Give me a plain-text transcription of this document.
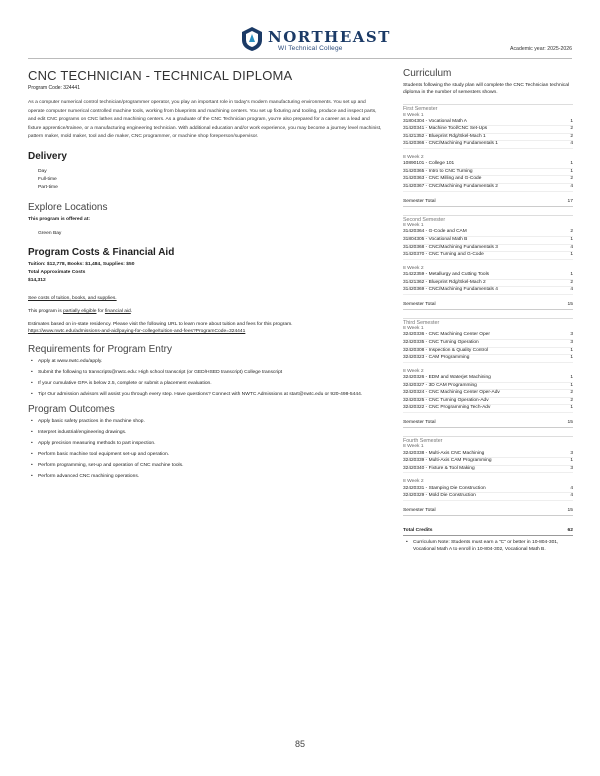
NORTHEAST
WI Technical College	Academic year: 2025-2026
CNC TECHNICIAN - TECHNICAL DIPLOMA
Program Code: 324441

As a computer numerical control technician/programmer operator, you play an important role in today's modern manufacturing environments. You set up and operate computer numerical controlled machine tools, working from blueprints and machining centers. You set up fixturing and tooling, produce and inspect parts, and edit CNC programs on CNC lathes and machining centers. As a graduate of the CNC Technician program, you're also prepared for a career as a lead and fixture apprentice/trainee, or a manufacturing engineering technician. With additional education and/or work experience, you may become a journey level machinist, pattern maker, mold maker, tool and die maker, CNC programmer, or machine shop foreperson/supervisor.

Delivery
Day
Full-time
Part-time
Explore Locations
This program is offered at:
Green Bay
Program Costs & Financial Aid
Tuition: $12,778, Books: $1,484, Supplies: $50
Total Approximate Costs
$14,312
See costs of tuition, books, and supplies.
This program is partially eligible for financial aid.
Estimates based on in-state residency. Please visit the following URL to learn more about tuition and fees for this program.
https://www.nwtc.edu/admissions-and-aid/paying-for-college/tuition-and-fees?ProgramCode=324441
Requirements for Program Entry
• Apply at www.nwtc.edu/apply.
• Submit the following to transcripts@nwtc.edu: High school transcript (or GED/HSED transcript) College transcript
• If your cumulative GPA is below 2.5, complete or submit a placement evaluation.
• Tip! Our admission advisors will assist you through every step. Have questions? Connect with NWTC Admissions at start@nwtc.edu or 920-498-5444.
Program Outcomes
• Apply basic safety practices in the machine shop.
• Interpret industrial/engineering drawings.
• Apply precision measuring methods to part inspection.
• Perform basic machine tool equipment set-up and operation.
• Perform programming, set-up and operation of CNC machine tools.
• Perform advanced CNC machining operations.
Curriculum
Students following the study plan will complete the CNC Technician technical diploma in the number of semesters shown.
First Semester
8 Week 1
31804304 - Vocational Math A	1
31420341 - Machine Tool/CNC Set-Ups	2
31421352 - Blueprint Rdg/Skel-Mach 1	2
31420366 - CNC/Machining Fundamentals 1	4
8 Week 2
10890101 - College 101	1
31420365 - Intro to CNC Turning	1
31420363 - CNC Milling and G-Code	2
31420367 - CNC/Machining Fundamentals 2	4
Semester Total	17
Second Semester
8 Week 1
31420364 - G-Code and CAM	2
31804305 - Vocational Math B	1
31420368 - CNC/Machining Fundamentals 3	4
31420370 - CNC Turning and G-Code	1
8 Week 2
31422359 - Metallurgy and Cutting Tools	1
31421362 - Blueprint Rdg/Skel-Mach 2	2
31420369 - CNC/Machining Fundamentals 4	4
Semester Total	15
Third Semester
8 Week 1
32420336 - CNC Machining Center Oper	3
32420335 - CNC Turning Operation	3
32420308 - Inspection & Quality Control	1
32420323 - CAM Programming	1
8 Week 2
32420326 - EDM and Waterjet Machining	1
32420327 - 3D CAM Programming	1
32420324 - CNC Machining Center Oper-Adv	2
32420325 - CNC Turning Operation-Adv	2
32420322 - CNC Programming Tech-Adv	1
Semester Total	15
Fourth Semester
8 Week 1
32420338 - Multi-Axis CNC Machining	3
32420339 - Multi-Axis CAM Programming	1
32420340 - Fixture & Tool Making	3
8 Week 2
32420331 - Stamping Die Construction	4
32420329 - Mold Die Construction	4
Semester Total	15
Total Credits	62
• Curriculum Note: Students must earn a "C" or better in 10-804-301, Vocational Math A to enroll in 10-804-302, Vocational Math B.
85
